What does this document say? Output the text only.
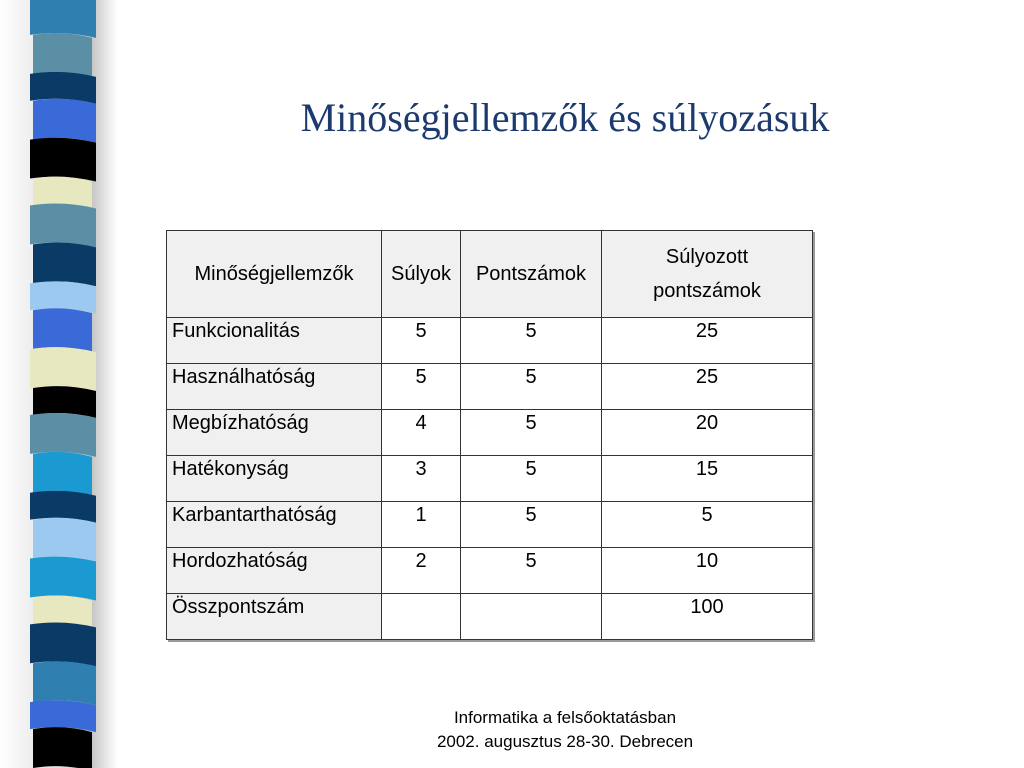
Minőségjellemzők és súlyozásuk
Minőségjellemzők	Súlyok	Pontszámok	Súlyozott pontszámok
Funkcionalitás	5	5	25
Használhatóság	5	5	25
Megbízhatóság	4	5	20
Hatékonyság	3	5	15
Karbantarthatóság	1	5	5
Hordozhatóság	2	5	10
Összpontszám			100
Informatika a felsőoktatásban
2002. augusztus 28-30. Debrecen
